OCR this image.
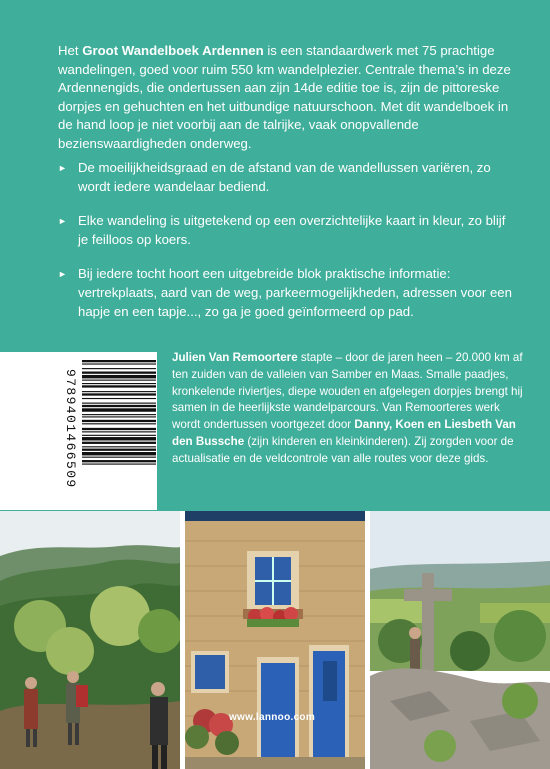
Het Groot Wandelboek Ardennen is een standaardwerk met 75 prachtige wandelingen, goed voor ruim 550 km wandelplezier. Centrale thema’s in deze Ardennengids, die ondertussen aan zijn 14de editie toe is, zijn de pittoreske dorpjes en gehuchten en het uitbundige natuurschoon. Met dit wandelboek in de hand loop je niet voorbij aan de talrijke, vaak onopvallende bezienswaardigheden onderweg.

► De moeilijkheidsgraad en de afstand van de wandellussen variëren, zo wordt iedere wandelaar bediend.
► Elke wandeling is uitgetekend op een overzichtelijke kaart in kleur, zo blijf je feilloos op koers.
► Bij iedere tocht hoort een uitgebreide blok praktische informatie: vertrekplaats, aard van de weg, parkeermogelijkheden, adressen voor een hapje en een tapje..., zo ga je goed geïnformeerd op pad.
9789401466509

Julien Van Remoortere stapte – door de jaren heen – 20.000 km af ten zuiden van de valleien van Samber en Maas. Smalle paadjes, kronkelende riviertjes, diepe wouden en afgelegen dorpjes brengt hij samen in de heerlijkste wandelparcours. Van Remoorteres werk wordt ondertussen voortgezet door Danny, Koen en Liesbeth Van den Bussche (zijn kinderen en kleinkinderen). Zij zorgden voor de actualisatie en de veldcontrole van alle routes voor deze gids.

www.lannoo.com
